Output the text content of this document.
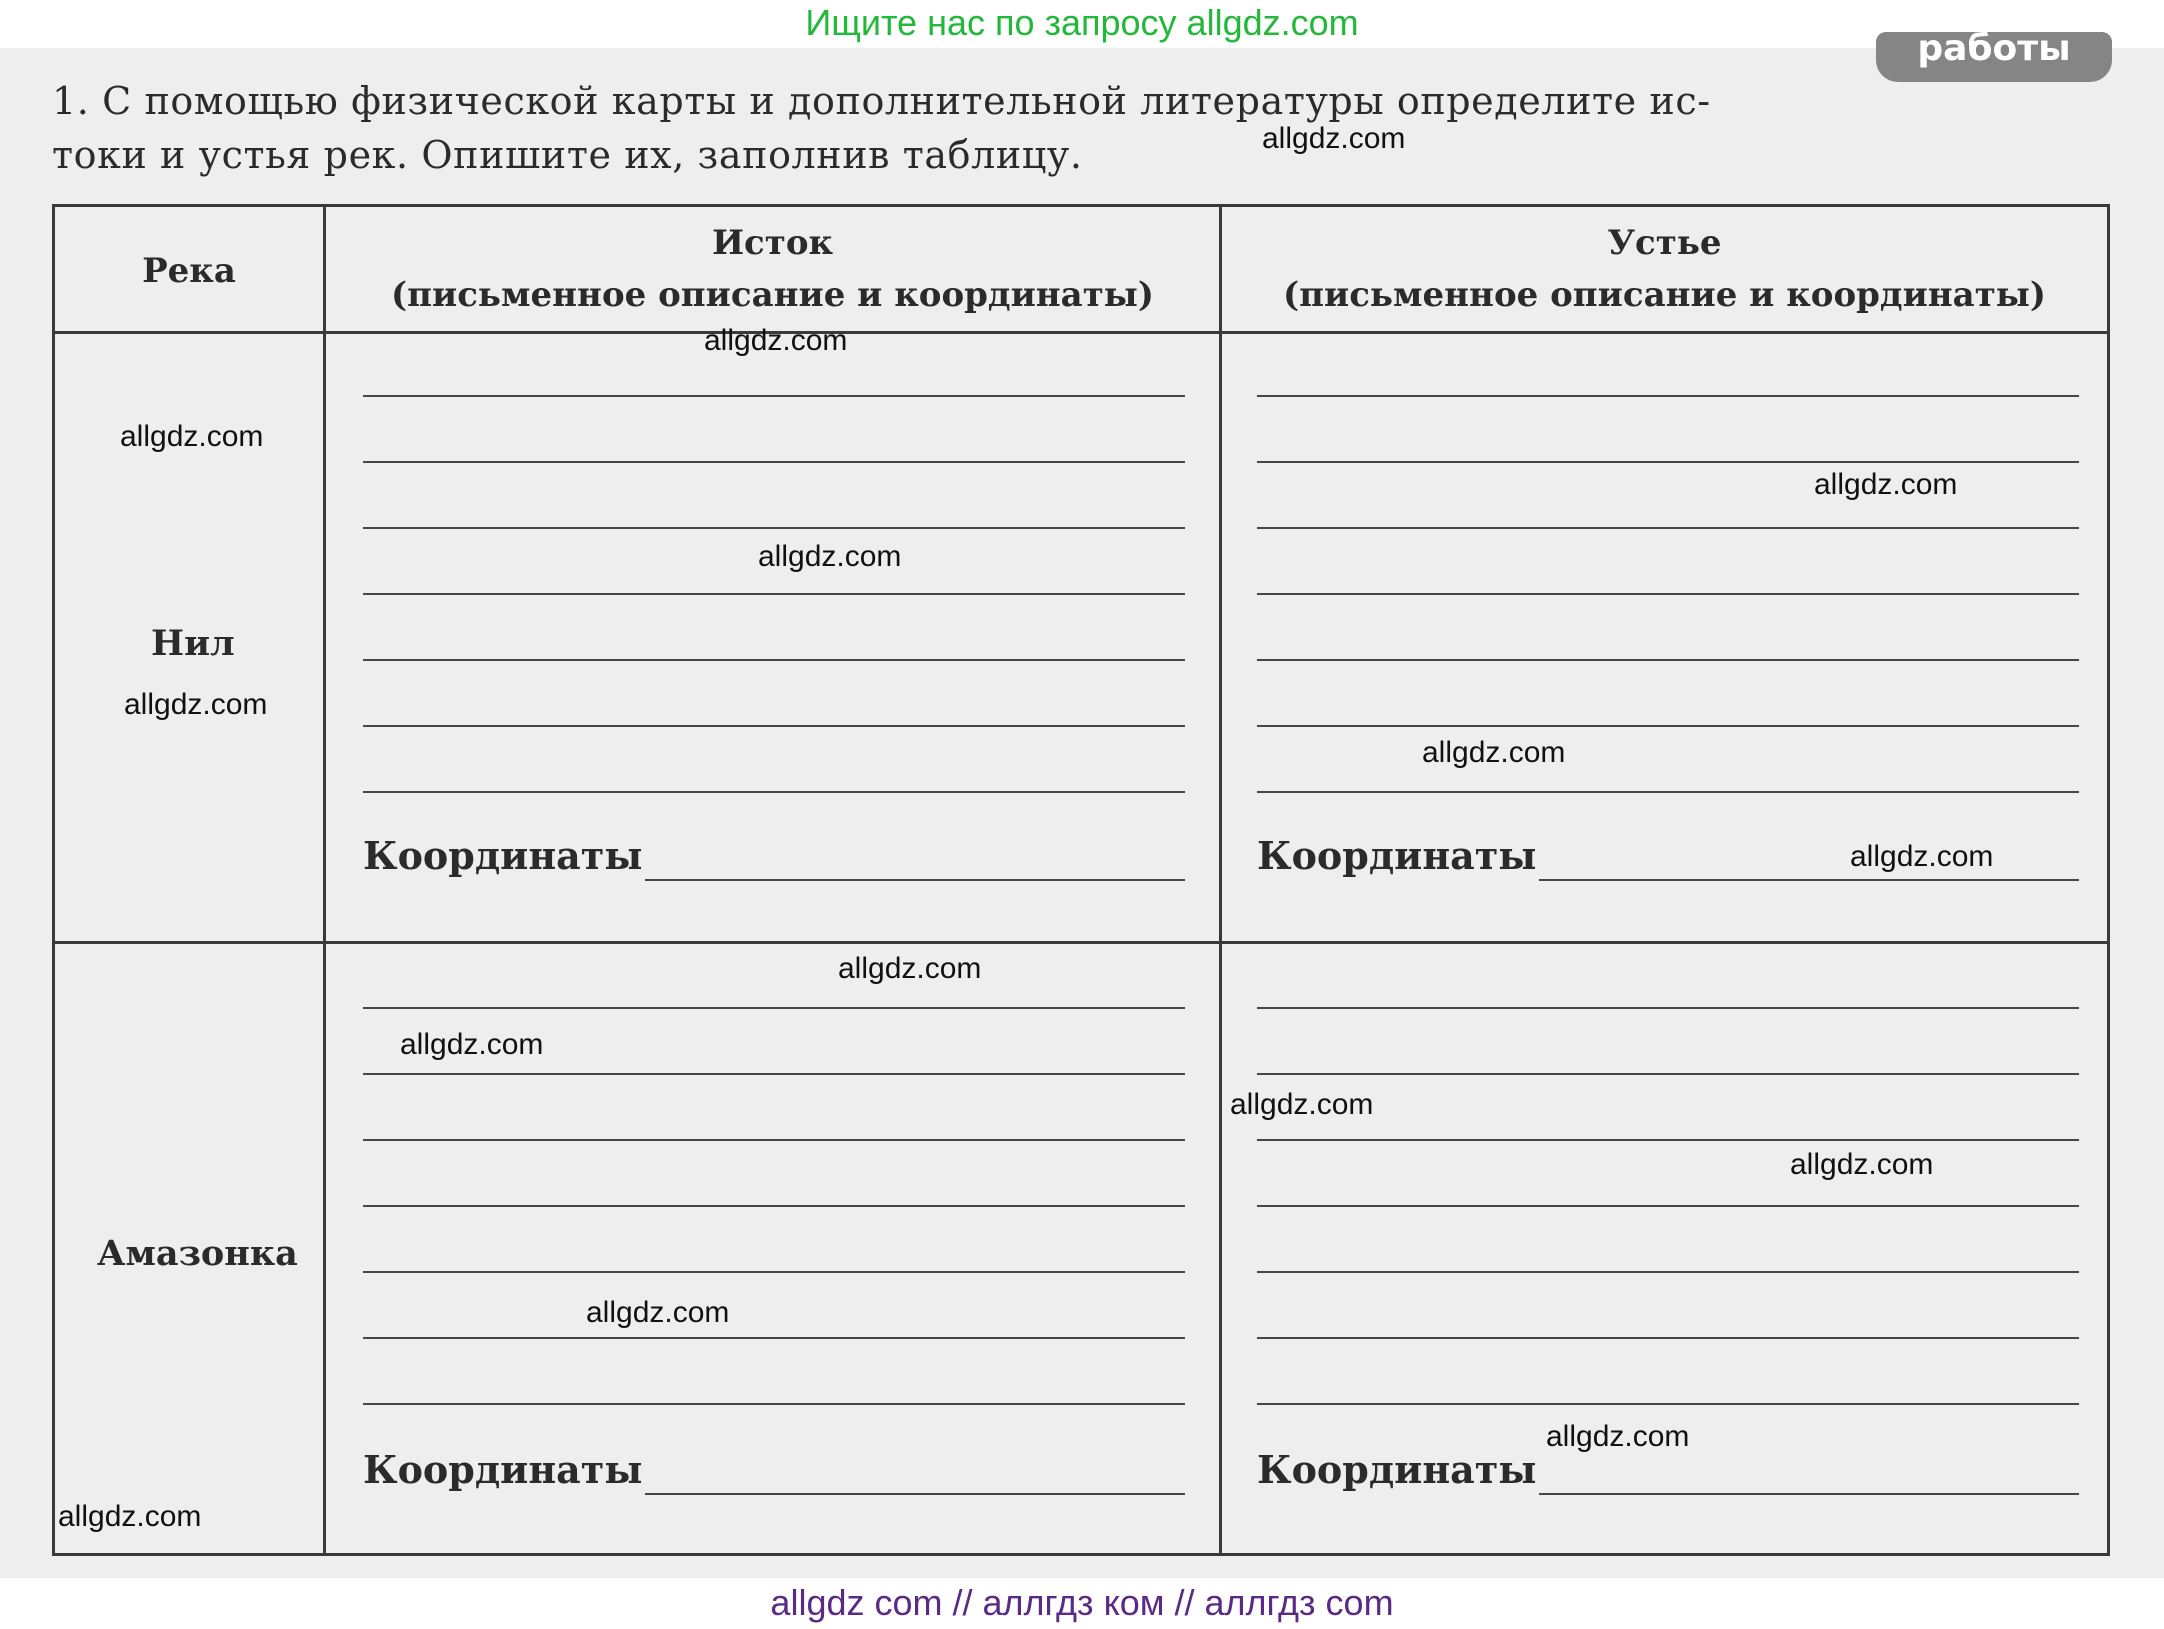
Ищите нас по запросу allgdz.com
работы

1. С помощью физической карты и дополнительной литературы определите ис-

токи и устья рек. Опишите их, заполнив таблицу.

Река
Исток
(письменное описание и координаты)
Устье
(письменное описание и координаты)
Нил
Координаты	Координаты
Амазонка
Координаты	Координаты
allgdz.com
allgdz.com
allgdz.com
allgdz.com
allgdz.com
allgdz.com
allgdz.com
allgdz.com
allgdz.com
allgdz.com
allgdz.com
allgdz.com
allgdz.com
allgdz.com
allgdz.com
allgdz com // аллгдз ком // аллгдз com
